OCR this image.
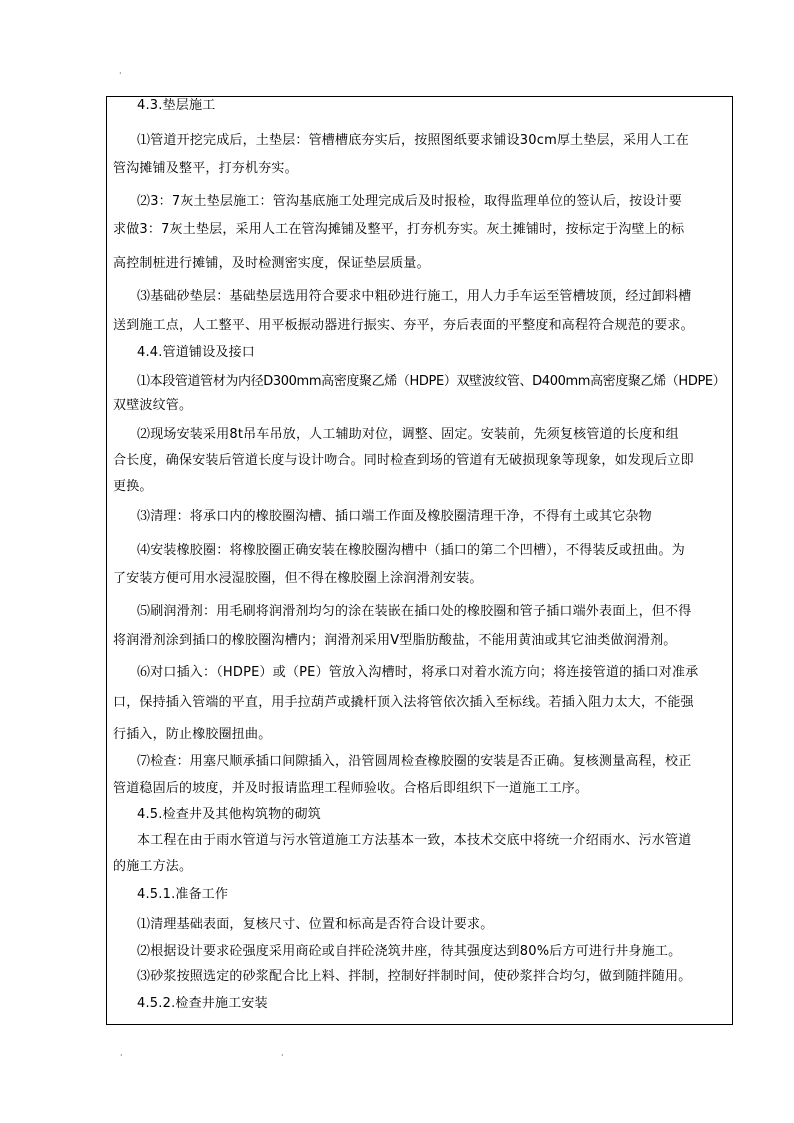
·
·	·
4.3.垫层施工
⑴管道开挖完成后，土垫层：管槽槽底夯实后，按照图纸要求铺设30cm厚土垫层，采用人工在
管沟摊铺及整平，打夯机夯实。
⑵3：7灰土垫层施工：管沟基底施工处理完成后及时报检，取得监理单位的签认后，按设计要
求做3：7灰土垫层，采用人工在管沟摊铺及整平，打夯机夯实。灰土摊铺时，按标定于沟壁上的标
高控制桩进行摊铺，及时检测密实度，保证垫层质量。
⑶基础砂垫层：基础垫层选用符合要求中粗砂进行施工，用人力手车运至管槽坡顶，经过卸料槽
送到施工点，人工整平、用平板振动器进行振实、夯平，夯后表面的平整度和高程符合规范的要求。
4.4.管道铺设及接口
⑴本段管道管材为内径D300mm高密度聚乙烯（HDPE）双壁波纹管、D400mm高密度聚乙烯（HDPE）
双壁波纹管。
⑵现场安装采用8t吊车吊放，人工辅助对位，调整、固定。安装前，先须复核管道的长度和组
合长度，确保安装后管道长度与设计吻合。同时检查到场的管道有无破损现象等现象，如发现后立即
更换。
⑶清理：将承口内的橡胶圈沟槽、插口端工作面及橡胶圈清理干净，不得有土或其它杂物
⑷安装橡胶圈：将橡胶圈正确安装在橡胶圈沟槽中（插口的第二个凹槽），不得装反或扭曲。为
了安装方便可用水浸湿胶圈，但不得在橡胶圈上涂润滑剂安装。
⑸刷润滑剂：用毛刷将润滑剂均匀的涂在装嵌在插口处的橡胶圈和管子插口端外表面上，但不得
将润滑剂涂到插口的橡胶圈沟槽内；润滑剂采用V型脂肪酸盐，不能用黄油或其它油类做润滑剂。
⑹对口插入：（HDPE）或（PE）管放入沟槽时，将承口对着水流方向；将连接管道的插口对准承
口，保持插入管端的平直，用手拉葫芦或撬杆顶入法将管依次插入至标线。若插入阻力太大，不能强
行插入，防止橡胶圈扭曲。
⑺检查：用塞尺顺承插口间隙插入，沿管圆周检查橡胶圈的安装是否正确。复核测量高程，校正
管道稳固后的坡度，并及时报请监理工程师验收。合格后即组织下一道施工工序。
4.5.检查井及其他构筑物的砌筑
本工程在由于雨水管道与污水管道施工方法基本一致，本技术交底中将统一介绍雨水、污水管道
的施工方法。
4.5.1.准备工作
⑴清理基础表面，复核尺寸、位置和标高是否符合设计要求。
⑵根据设计要求砼强度采用商砼或自拌砼浇筑井座，待其强度达到80%后方可进行井身施工。
⑶砂浆按照选定的砂浆配合比上料、拌制，控制好拌制时间，使砂浆拌合均匀，做到随拌随用。
4.5.2.检查井施工安装
